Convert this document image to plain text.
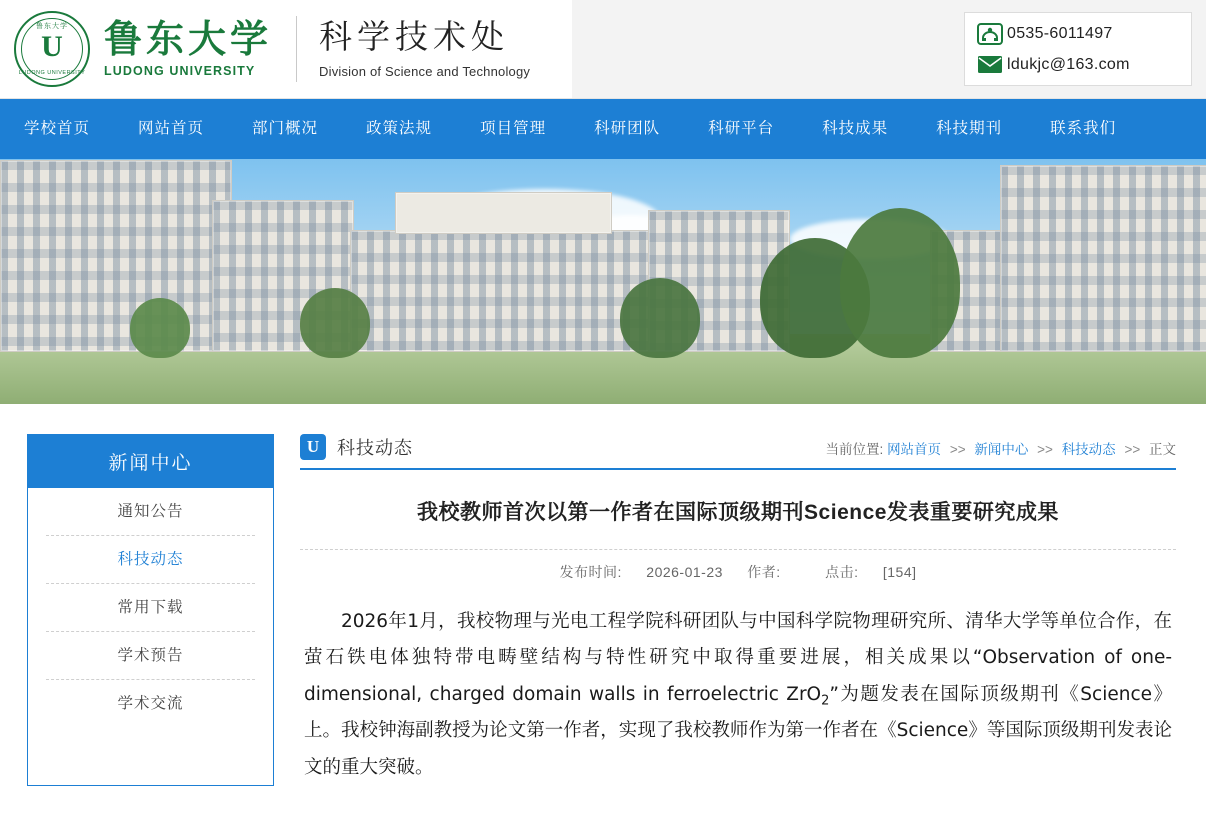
鲁东大学
U
LUDONG UNIVERSITY
鲁东大学
LUDONG UNIVERSITY
科学技术处
Division of Science and Technology
0535-6011497
ldukjc@163.com
学校首页	网站首页	部门概况	政策法规	项目管理	科研团队	科研平台	科技成果	科技期刊	联系我们
新闻中心
通知公告
科技动态
常用下载
学术预告
学术交流
U 科技动态	当前位置: 网站首页 >> 新闻中心 >> 科技动态 >> 正文
我校教师首次以第一作者在国际顶级期刊Science发表重要研究成果
发布时间: 2026-01-23 作者:	点击: [154]
2026年1月，我校物理与光电工程学院科研团队与中国科学院物理研究所、清华大学等单位合作，在萤石铁电体独特带电畴壁结构与特性研究中取得重要进展，相关成果以“Observation of one-dimensional, charged domain walls in ferroelectric ZrO$_2$”为题发表在国际顶级期刊《Science》上。我校钟海副教授为论文第一作者，实现了我校教师作为第一作者在《Science》等国际顶级期刊发表论文的重大突破。
